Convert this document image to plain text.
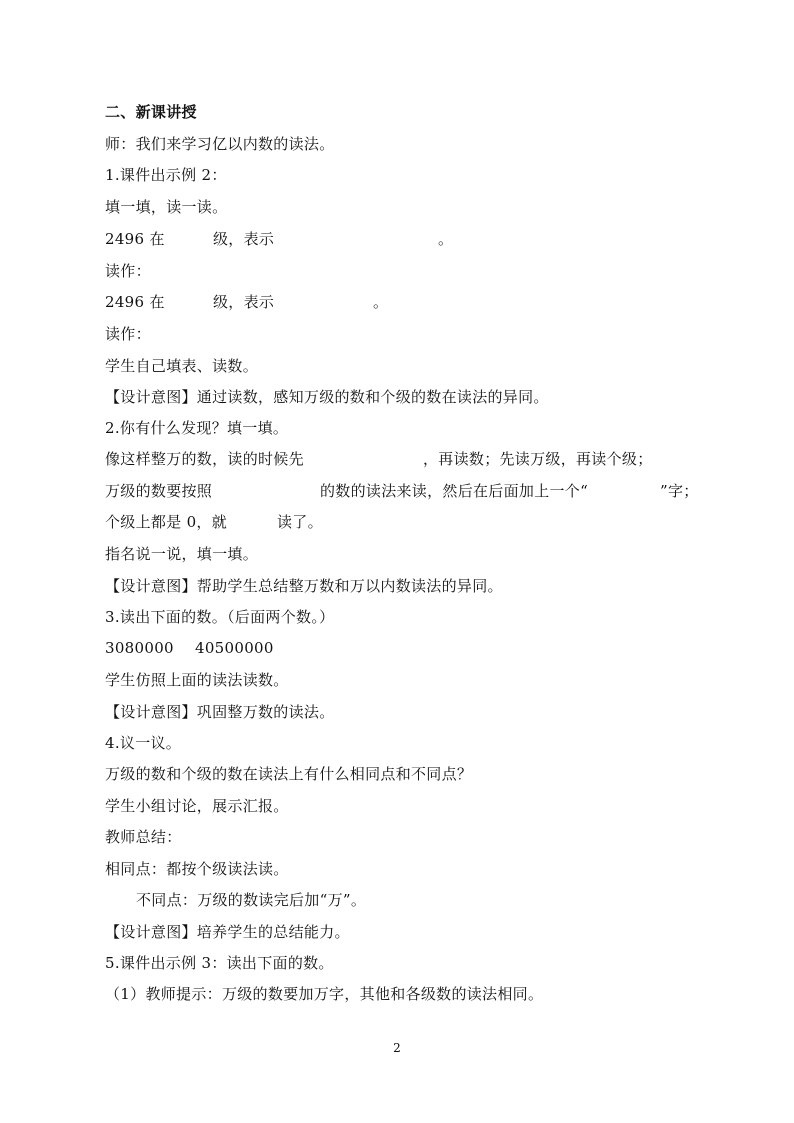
二、新课讲授
师：我们来学习亿以内数的读法。
1.课件出示例 2：
填一填，读一读。
2496 在	级，表示	。
读作：
2496 在	级，表示	。
读作：
学生自己填表、读数。
【设计意图】通过读数，感知万级的数和个级的数在读法的异同。
2.你有什么发现？填一填。
像这样整万的数，读的时候先	，再读数；先读万级，再读个级；
万级的数要按照	的数的读法来读，然后在后面加上一个“	”字；
个级上都是 0，就	读了。
指名说一说，填一填。
【设计意图】帮助学生总结整万数和万以内数读法的异同。
3.读出下面的数。（后面两个数。）
3080000 40500000
学生仿照上面的读法读数。
【设计意图】巩固整万数的读法。
4.议一议。
万级的数和个级的数在读法上有什么相同点和不同点？
学生小组讨论，展示汇报。
教师总结：
相同点：都按个级读法读。
不同点：万级的数读完后加“万”。
【设计意图】培养学生的总结能力。
5.课件出示例 3：读出下面的数。
（1）教师提示：万级的数要加万字，其他和各级数的读法相同。
2
